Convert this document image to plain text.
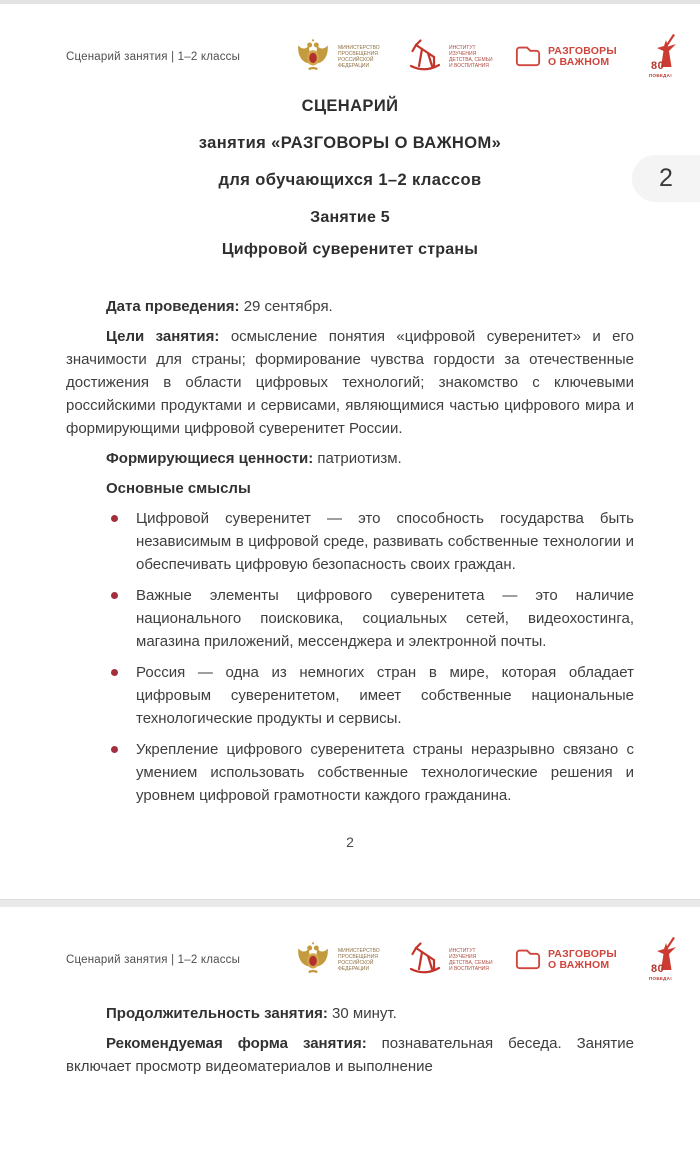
Сценарий занятия | 1–2 классы
МИНИСТЕРСТВО ПРОСВЕЩЕНИЯ РОССИЙСКОЙ ФЕДЕРАЦИИ
ИНСТИТУТ ИЗУЧЕНИЯ ДЕТСТВА, СЕМЬИ И ВОСПИТАНИЯ
РАЗГОВОРЫ О ВАЖНОМ	80
ПОБЕДА!
СЦЕНАРИЙ
занятия «РАЗГОВОРЫ О ВАЖНОМ»
для обучающихся 1–2 классов
Занятие 5
Цифровой суверенитет страны

Дата проведения: 29 сентября.

Цели занятия: осмысление понятия «цифровой суверенитет» и его значимости для страны; формирование чувства гордости за отечественные достижения в области цифровых технологий; знакомство с ключевыми российскими продуктами и сервисами, являющимися частью цифрового мира и формирующими цифровой суверенитет России.

Формирующиеся ценности: патриотизм.

Основные смыслы

Цифровой суверенитет — это способность государства быть независимым в цифровой среде, развивать собственные технологии и обеспечивать цифровую безопасность своих граждан.
Важные элементы цифрового суверенитета — это наличие национального поисковика, социальных сетей, видеохостинга, магазина приложений, мессенджера и электронной почты.
Россия — одна из немногих стран в мире, которая обладает цифровым суверенитетом, имеет собственные национальные технологические продукты и сервисы.
Укрепление цифрового суверенитета страны неразрывно связано с умением использовать собственные технологические решения и уровнем цифровой грамотности каждого гражданина.
2
Сценарий занятия | 1–2 классы
МИНИСТЕРСТВО ПРОСВЕЩЕНИЯ РОССИЙСКОЙ ФЕДЕРАЦИИ
ИНСТИТУТ ИЗУЧЕНИЯ ДЕТСТВА, СЕМЬИ И ВОСПИТАНИЯ
РАЗГОВОРЫ О ВАЖНОМ	80
ПОБЕДА!

Продолжительность занятия: 30 минут.

Рекомендуемая форма занятия: познавательная беседа. Занятие включает просмотр видеоматериалов и выполнение

2
